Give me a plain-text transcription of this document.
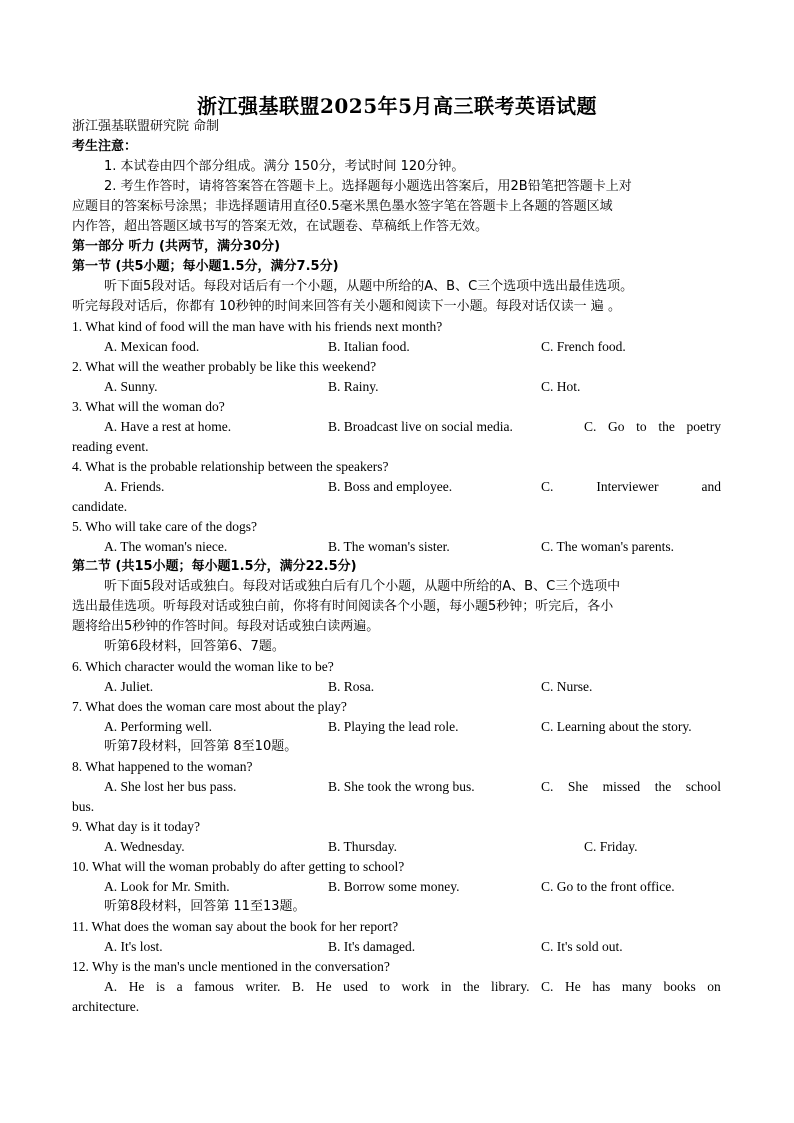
浙江强基联盟2025年5月高三联考英语试题
浙江强基联盟研究院 命制
考生注意：
1. 本试卷由四个部分组成。满分 150分，考试时间 120分钟。
2. 考生作答时，请将答案答在答题卡上。选择题每小题选出答案后，用2B铅笔把答题卡上对
应题目的答案标号涂黑；非选择题请用直径0.5毫米黑色墨水签字笔在答题卡上各题的答题区域
内作答，超出答题区域书写的答案无效，在试题卷、草稿纸上作答无效。
第一部分 听力 (共两节，满分30分)
第一节 (共5小题；每小题1.5分，满分7.5分)
听下面5段对话。每段对话后有一个小题，从题中所给的A、B、C三个选项中选出最佳选项。
听完每段对话后，你都有 10秒钟的时间来回答有关小题和阅读下一小题。每段对话仅读一 遍 。
1. What kind of food will the man have with his friends next month?
A. Mexican food.	B. Italian food.	C. French food.
2. What will the weather probably be like this weekend?
A. Sunny.	B. Rainy.	C. Hot.
3. What will the woman do?
A. Have a rest at home.	B. Broadcast live on social media.	C. Go to the poetry
reading event.
4. What is the probable relationship between the speakers?
A. Friends.	B. Boss and employee.	C.	Interviewer	and
candidate.
5. Who will take care of the dogs?
A. The woman's niece.	B. The woman's sister.	C. The woman's parents.
第二节 (共15小题；每小题1.5分，满分22.5分)
听下面5段对话或独白。每段对话或独白后有几个小题，从题中所给的A、B、C三个选项中
选出最佳选项。听每段对话或独白前，你将有时间阅读各个小题，每小题5秒钟；听完后，各小
题将给出5秒钟的作答时间。每段对话或独白读两遍。
听第6段材料，回答第6、7题。
6. Which character would the woman like to be?
A. Juliet.	B. Rosa.	C. Nurse.
7. What does the woman care most about the play?
A. Performing well.	B. Playing the lead role.	C. Learning about the story.
听第7段材料，回答第 8至10题。
8. What happened to the woman?
A. She lost her bus pass.	B. She took the wrong bus.	C. She missed the school
bus.
9. What day is it today?
A. Wednesday.	B. Thursday.	C. Friday.
10. What will the woman probably do after getting to school?
A. Look for Mr. Smith.	B. Borrow some money.	C. Go to the front office.
听第8段材料，回答第 11至13题。
11. What does the woman say about the book for her report?
A. It's lost.	B. It's damaged.	C. It's sold out.
12. Why is the man's uncle mentioned in the conversation?
A. He is a famous writer. B. He used to work in the library. C. He has many books on
architecture.
